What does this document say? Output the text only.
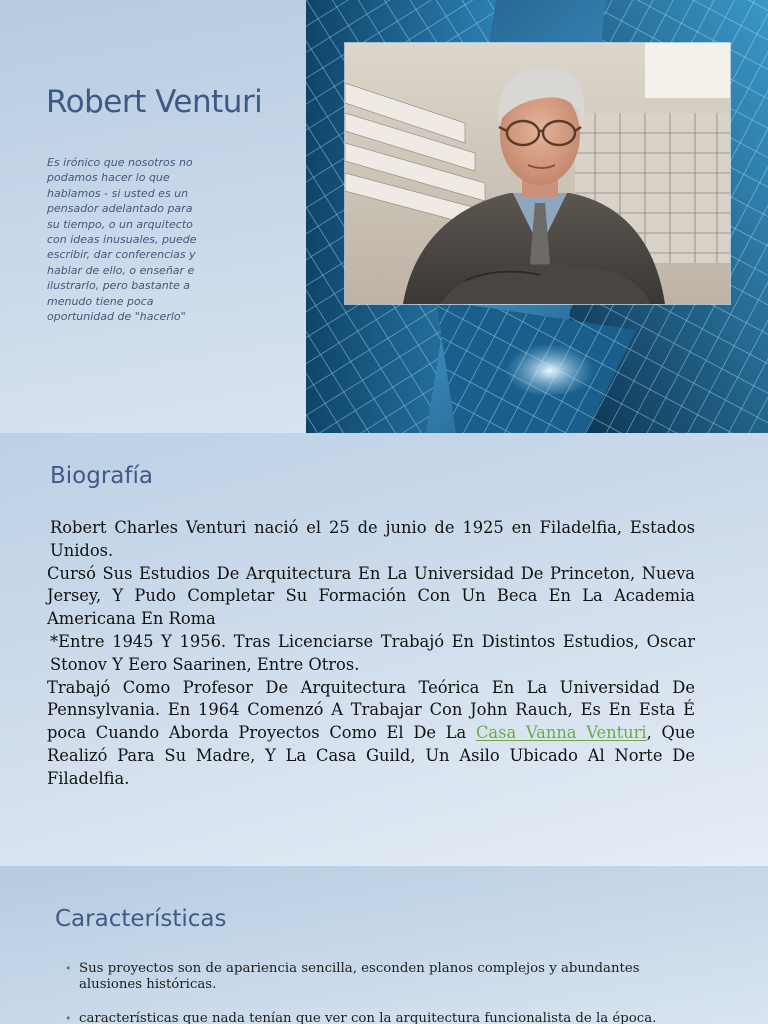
Robert Venturi
Es irónico que nosotros no podamos hacer lo que hablamos - si usted es un pensador adelantado para su tiempo, o un arquitecto con ideas inusuales, puede escribir, dar conferencias y hablar de ello, o enseñar e ilustrarlo, pero bastante a menudo tiene poca oportunidad de "hacerlo"
Biografía

Robert Charles Venturi nació el 25 de junio de 1925 en Filadelfia, Estados Unidos.

Cursó Sus Estudios De Arquitectura En La Universidad De Princeton, Nueva Jersey, Y Pudo Completar Su Formación Con Un Beca En La Academia Americana En Roma

*Entre 1945 Y 1956. Tras Licenciarse Trabajó En Distintos Estudios, Oscar Stonov Y Eero Saarinen, Entre Otros.

Trabajó Como Profesor De Arquitectura Teórica En La Universidad De Pennsylvania. En 1964 Comenzó A Trabajar Con John Rauch, Es En Esta É poca Cuando Aborda Proyectos Como El De La Casa Vanna Venturi, Que Realizó Para Su Madre, Y La Casa Guild, Un Asilo Ubicado Al Norte De Filadelfia.

Características
• Sus proyectos son de apariencia sencilla, esconden planos complejos y abundantes alusiones históricas.
• características que nada tenían que ver con la arquitectura funcionalista de la época.
